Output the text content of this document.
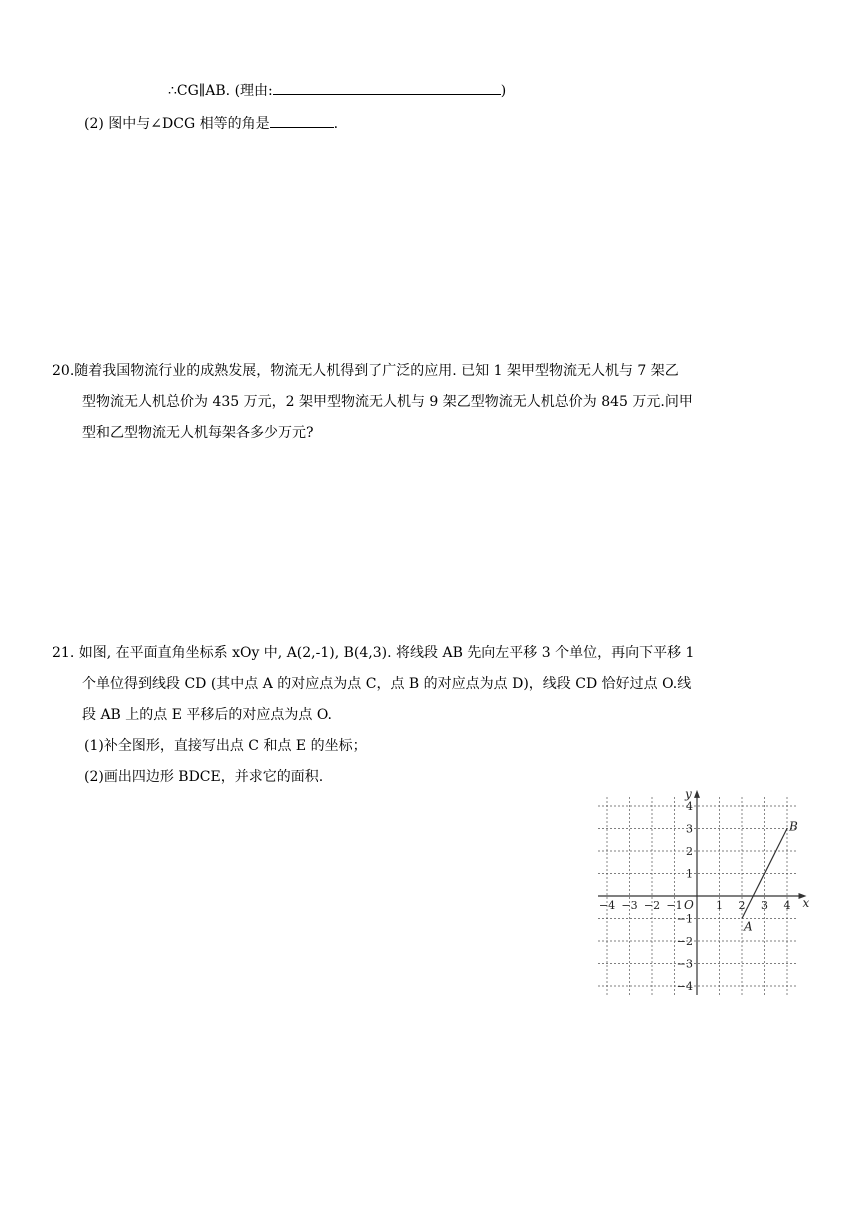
∴CG∥AB. (理由:	)
(2) 图中与∠DCG 相等的角是	.
20.随着我国物流行业的成熟发展，物流无人机得到了广泛的应用. 已知 1 架甲型物流无人机与 7 架乙
型物流无人机总价为 435 万元，2 架甲型物流无人机与 9 架乙型物流无人机总价为 845 万元.问甲
型和乙型物流无人机每架各多少万元?
21. 如图, 在平面直角坐标系 xOy 中, A(2,-1), B(4,3). 将线段 AB 先向左平移 3 个单位，再向下平移 1
个单位得到线段 CD (其中点 A 的对应点为点 C，点 B 的对应点为点 D)，线段 CD 恰好过点 O.线
段 AB 上的点 E 平移后的对应点为点 O.
(1)补全图形，直接写出点 C 和点 E 的坐标；
(2)画出四边形 BDCE，并求它的面积.
−4 −3 −2 −1	1 2 3 4
4
3
2
1
−1
−2
−3
−4
x
y
O
A
B
